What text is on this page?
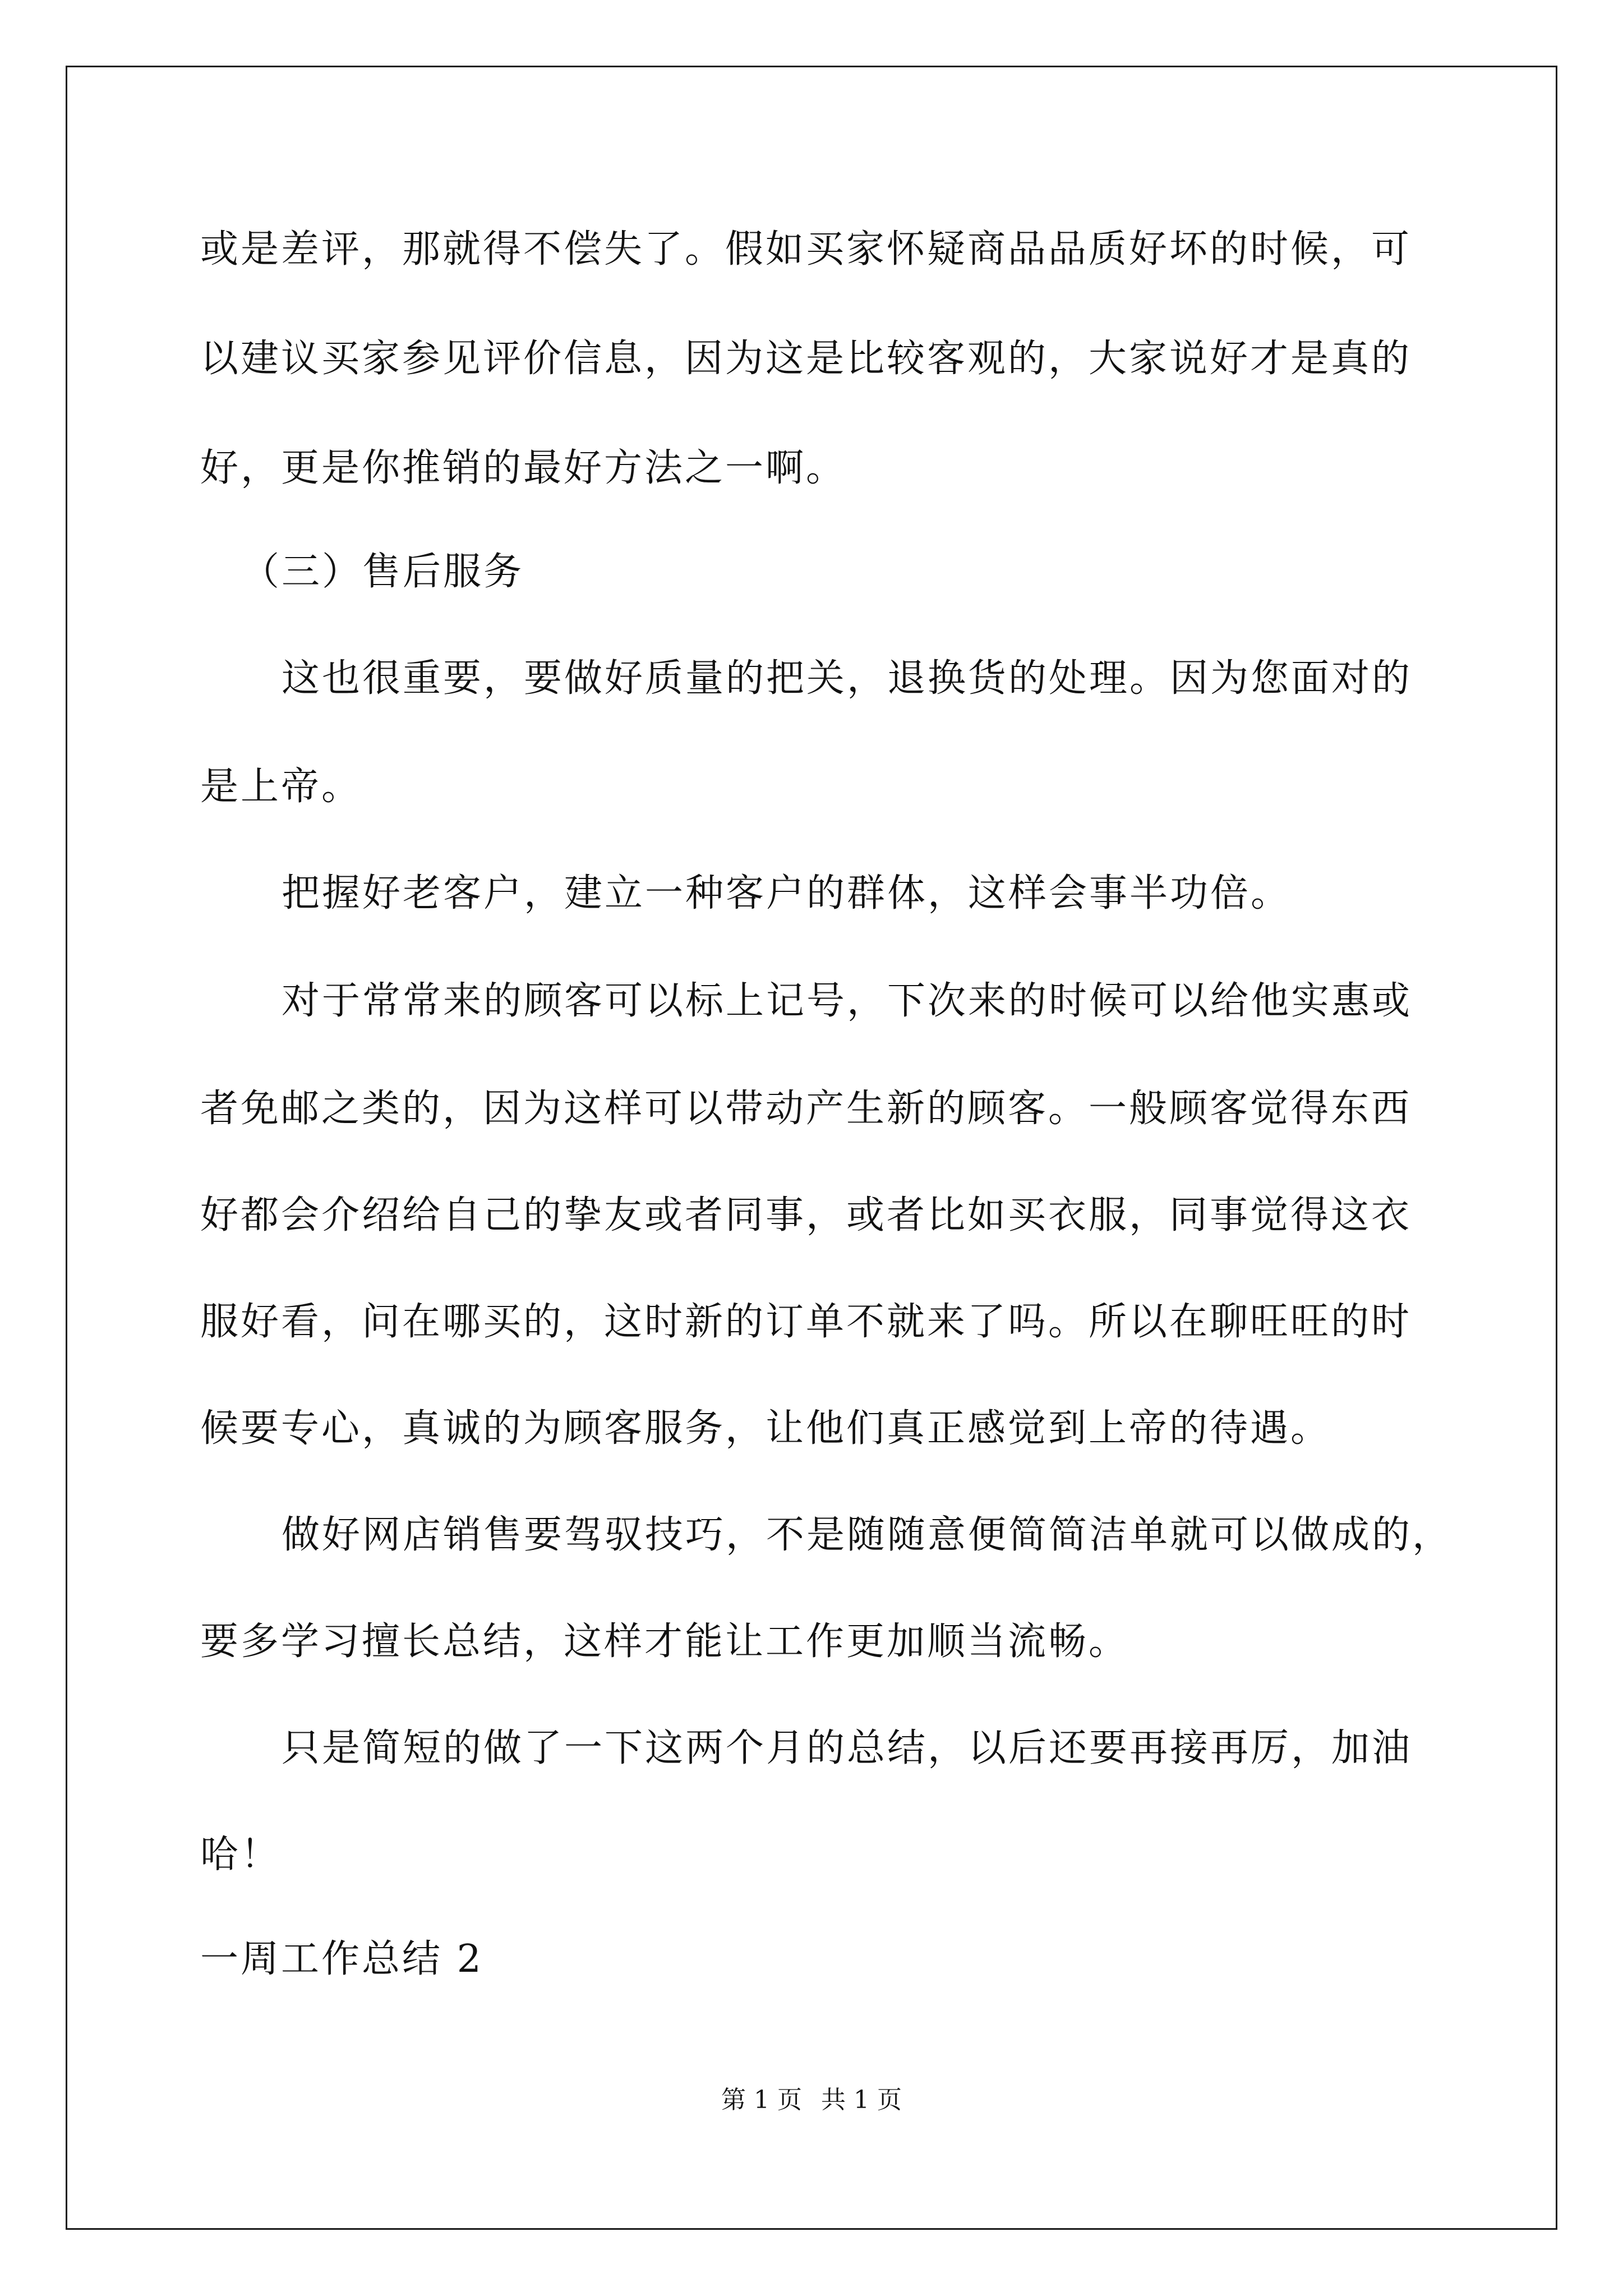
或是差评，那就得不偿失了。假如买家怀疑商品品质好坏的时候，可
以建议买家参见评价信息，因为这是比较客观的，大家说好才是真的
好，更是你推销的最好方法之一啊。
（三）售后服务
这也很重要，要做好质量的把关，退换货的处理。因为您面对的
是上帝。
把握好老客户，建立一种客户的群体，这样会事半功倍。
对于常常来的顾客可以标上记号，下次来的时候可以给他实惠或
者免邮之类的，因为这样可以带动产生新的顾客。一般顾客觉得东西
好都会介绍给自己的挚友或者同事，或者比如买衣服，同事觉得这衣
服好看，问在哪买的，这时新的订单不就来了吗。所以在聊旺旺的时
候要专心，真诚的为顾客服务，让他们真正感觉到上帝的待遇。
做好网店销售要驾驭技巧，不是随随意便简简洁单就可以做成的，
要多学习擅长总结，这样才能让工作更加顺当流畅。
只是简短的做了一下这两个月的总结，以后还要再接再厉，加油
哈！
一周工作总结 2
第 1 页 共 1 页
